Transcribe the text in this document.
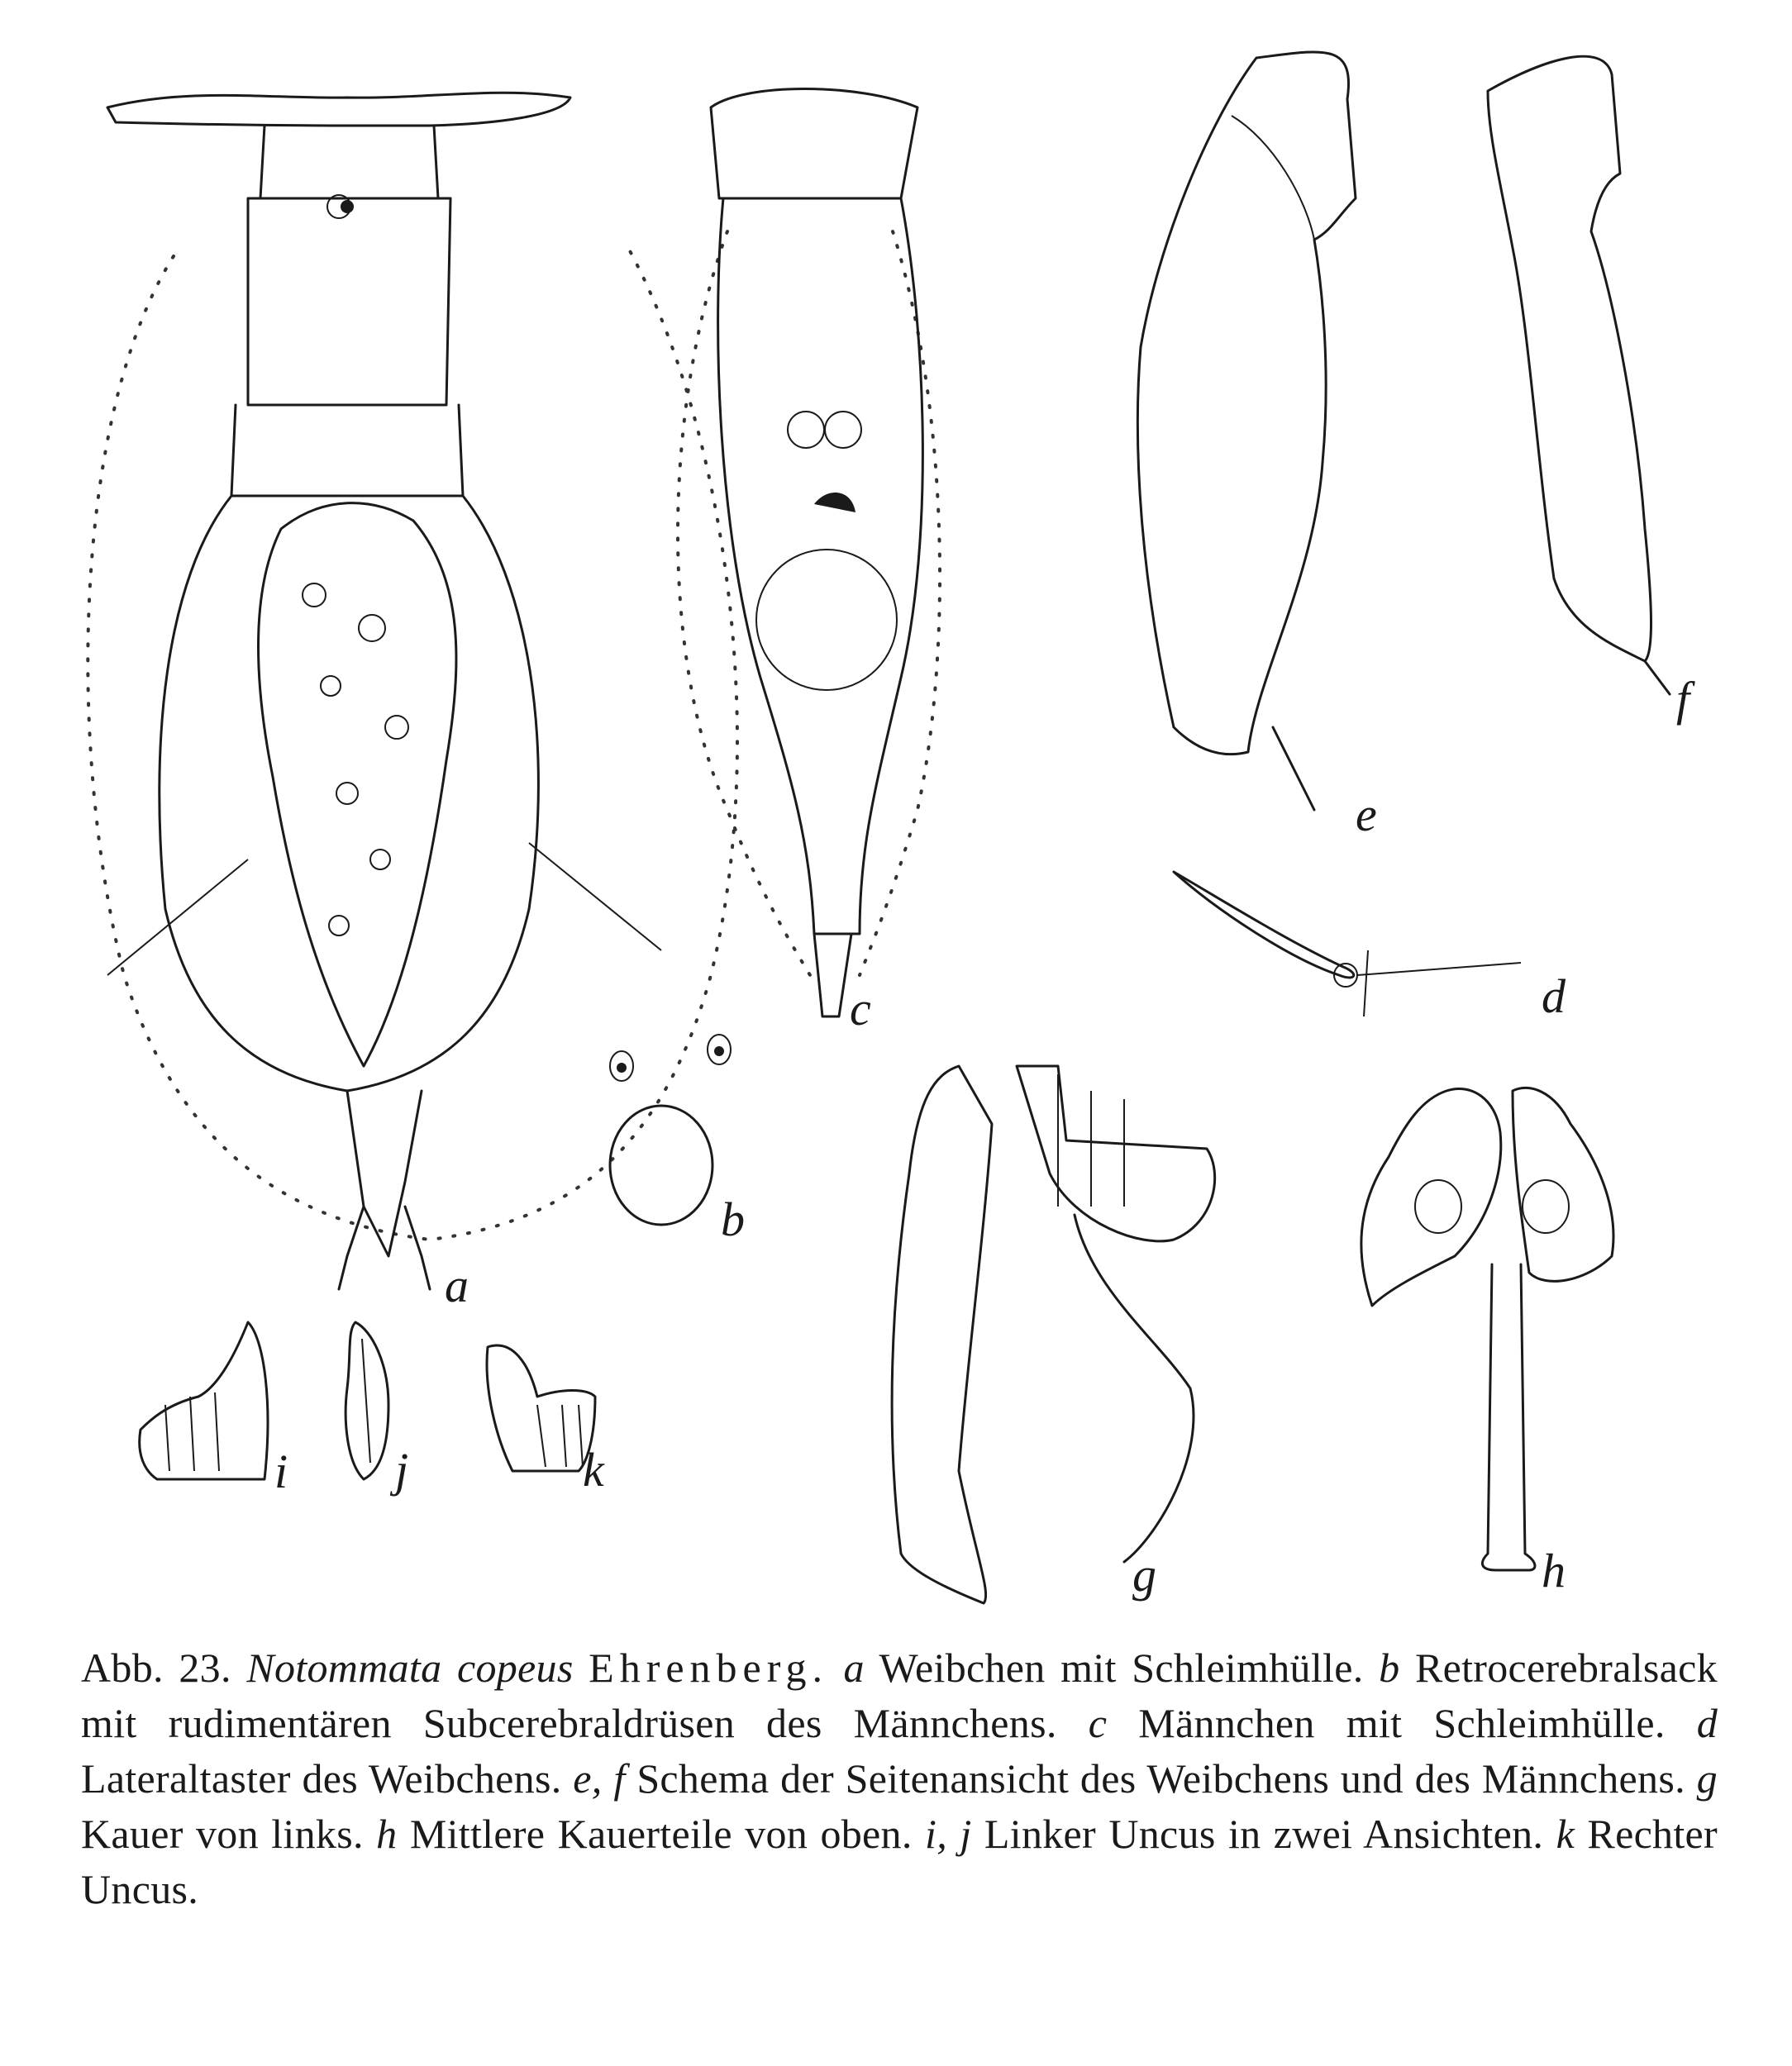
a
c
b
e
f
d
g	h
i j	k

Abb. 23. Notommata copeus Ehrenberg. a Weibchen mit Schleimhülle. b Retrocerebralsack mit rudimentären Subcerebraldrüsen des Männchens. c Männchen mit Schleimhülle. d Lateraltaster des Weibchens. e, f Schema der Seitenansicht des Weibchens und des Männchens. g Kauer von links. h Mittlere Kauerteile von oben. i, j Linker Uncus in zwei Ansichten. k Rechter Uncus.
